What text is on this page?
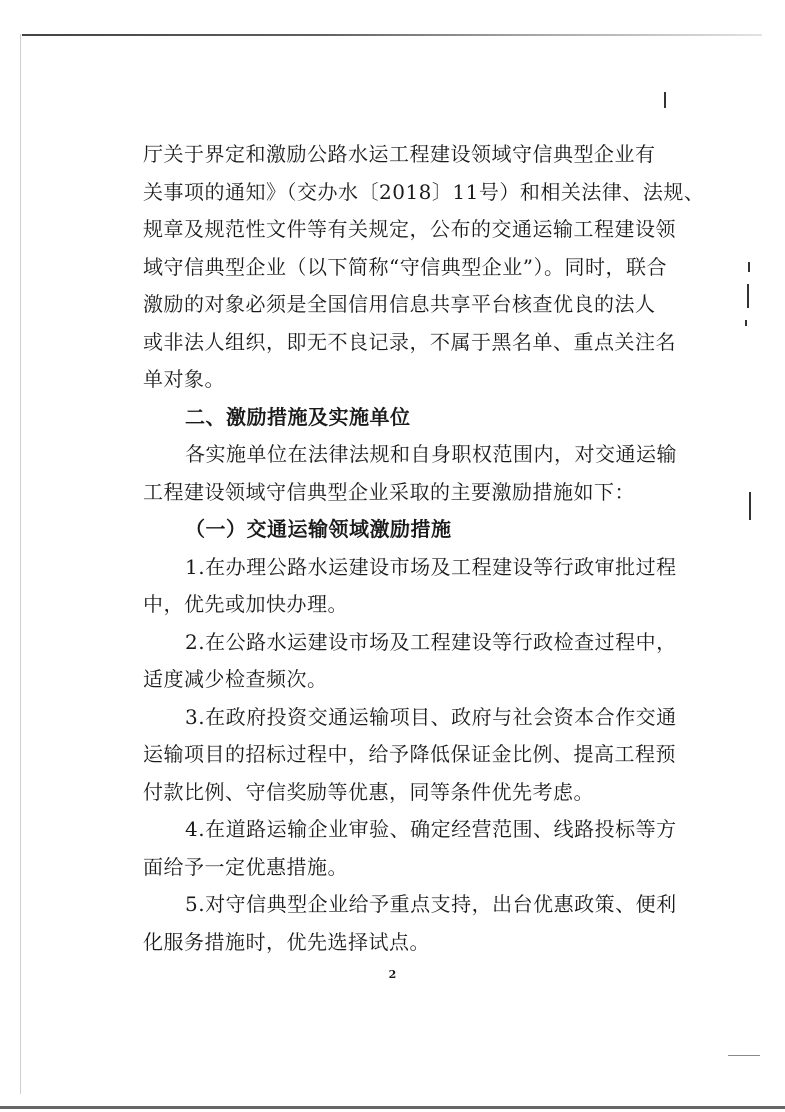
厅关于界定和激励公路水运工程建设领域守信典型企业有
关事项的通知》（交办水〔2018〕11号）和相关法律、法规、
规章及规范性文件等有关规定，公布的交通运输工程建设领
域守信典型企业（以下简称“守信典型企业”）。同时，联合
激励的对象必须是全国信用信息共享平台核查优良的法人
或非法人组织，即无不良记录，不属于黑名单、重点关注名
单对象。
二、激励措施及实施单位
各实施单位在法律法规和自身职权范围内，对交通运输
工程建设领域守信典型企业采取的主要激励措施如下：
（一）交通运输领域激励措施
1.在办理公路水运建设市场及工程建设等行政审批过程
中，优先或加快办理。
2.在公路水运建设市场及工程建设等行政检查过程中，
适度减少检查频次。
3.在政府投资交通运输项目、政府与社会资本合作交通
运输项目的招标过程中，给予降低保证金比例、提高工程预
付款比例、守信奖励等优惠，同等条件优先考虑。
4.在道路运输企业审验、确定经营范围、线路投标等方
面给予一定优惠措施。
5.对守信典型企业给予重点支持，出台优惠政策、便利
化服务措施时，优先选择试点。
2
